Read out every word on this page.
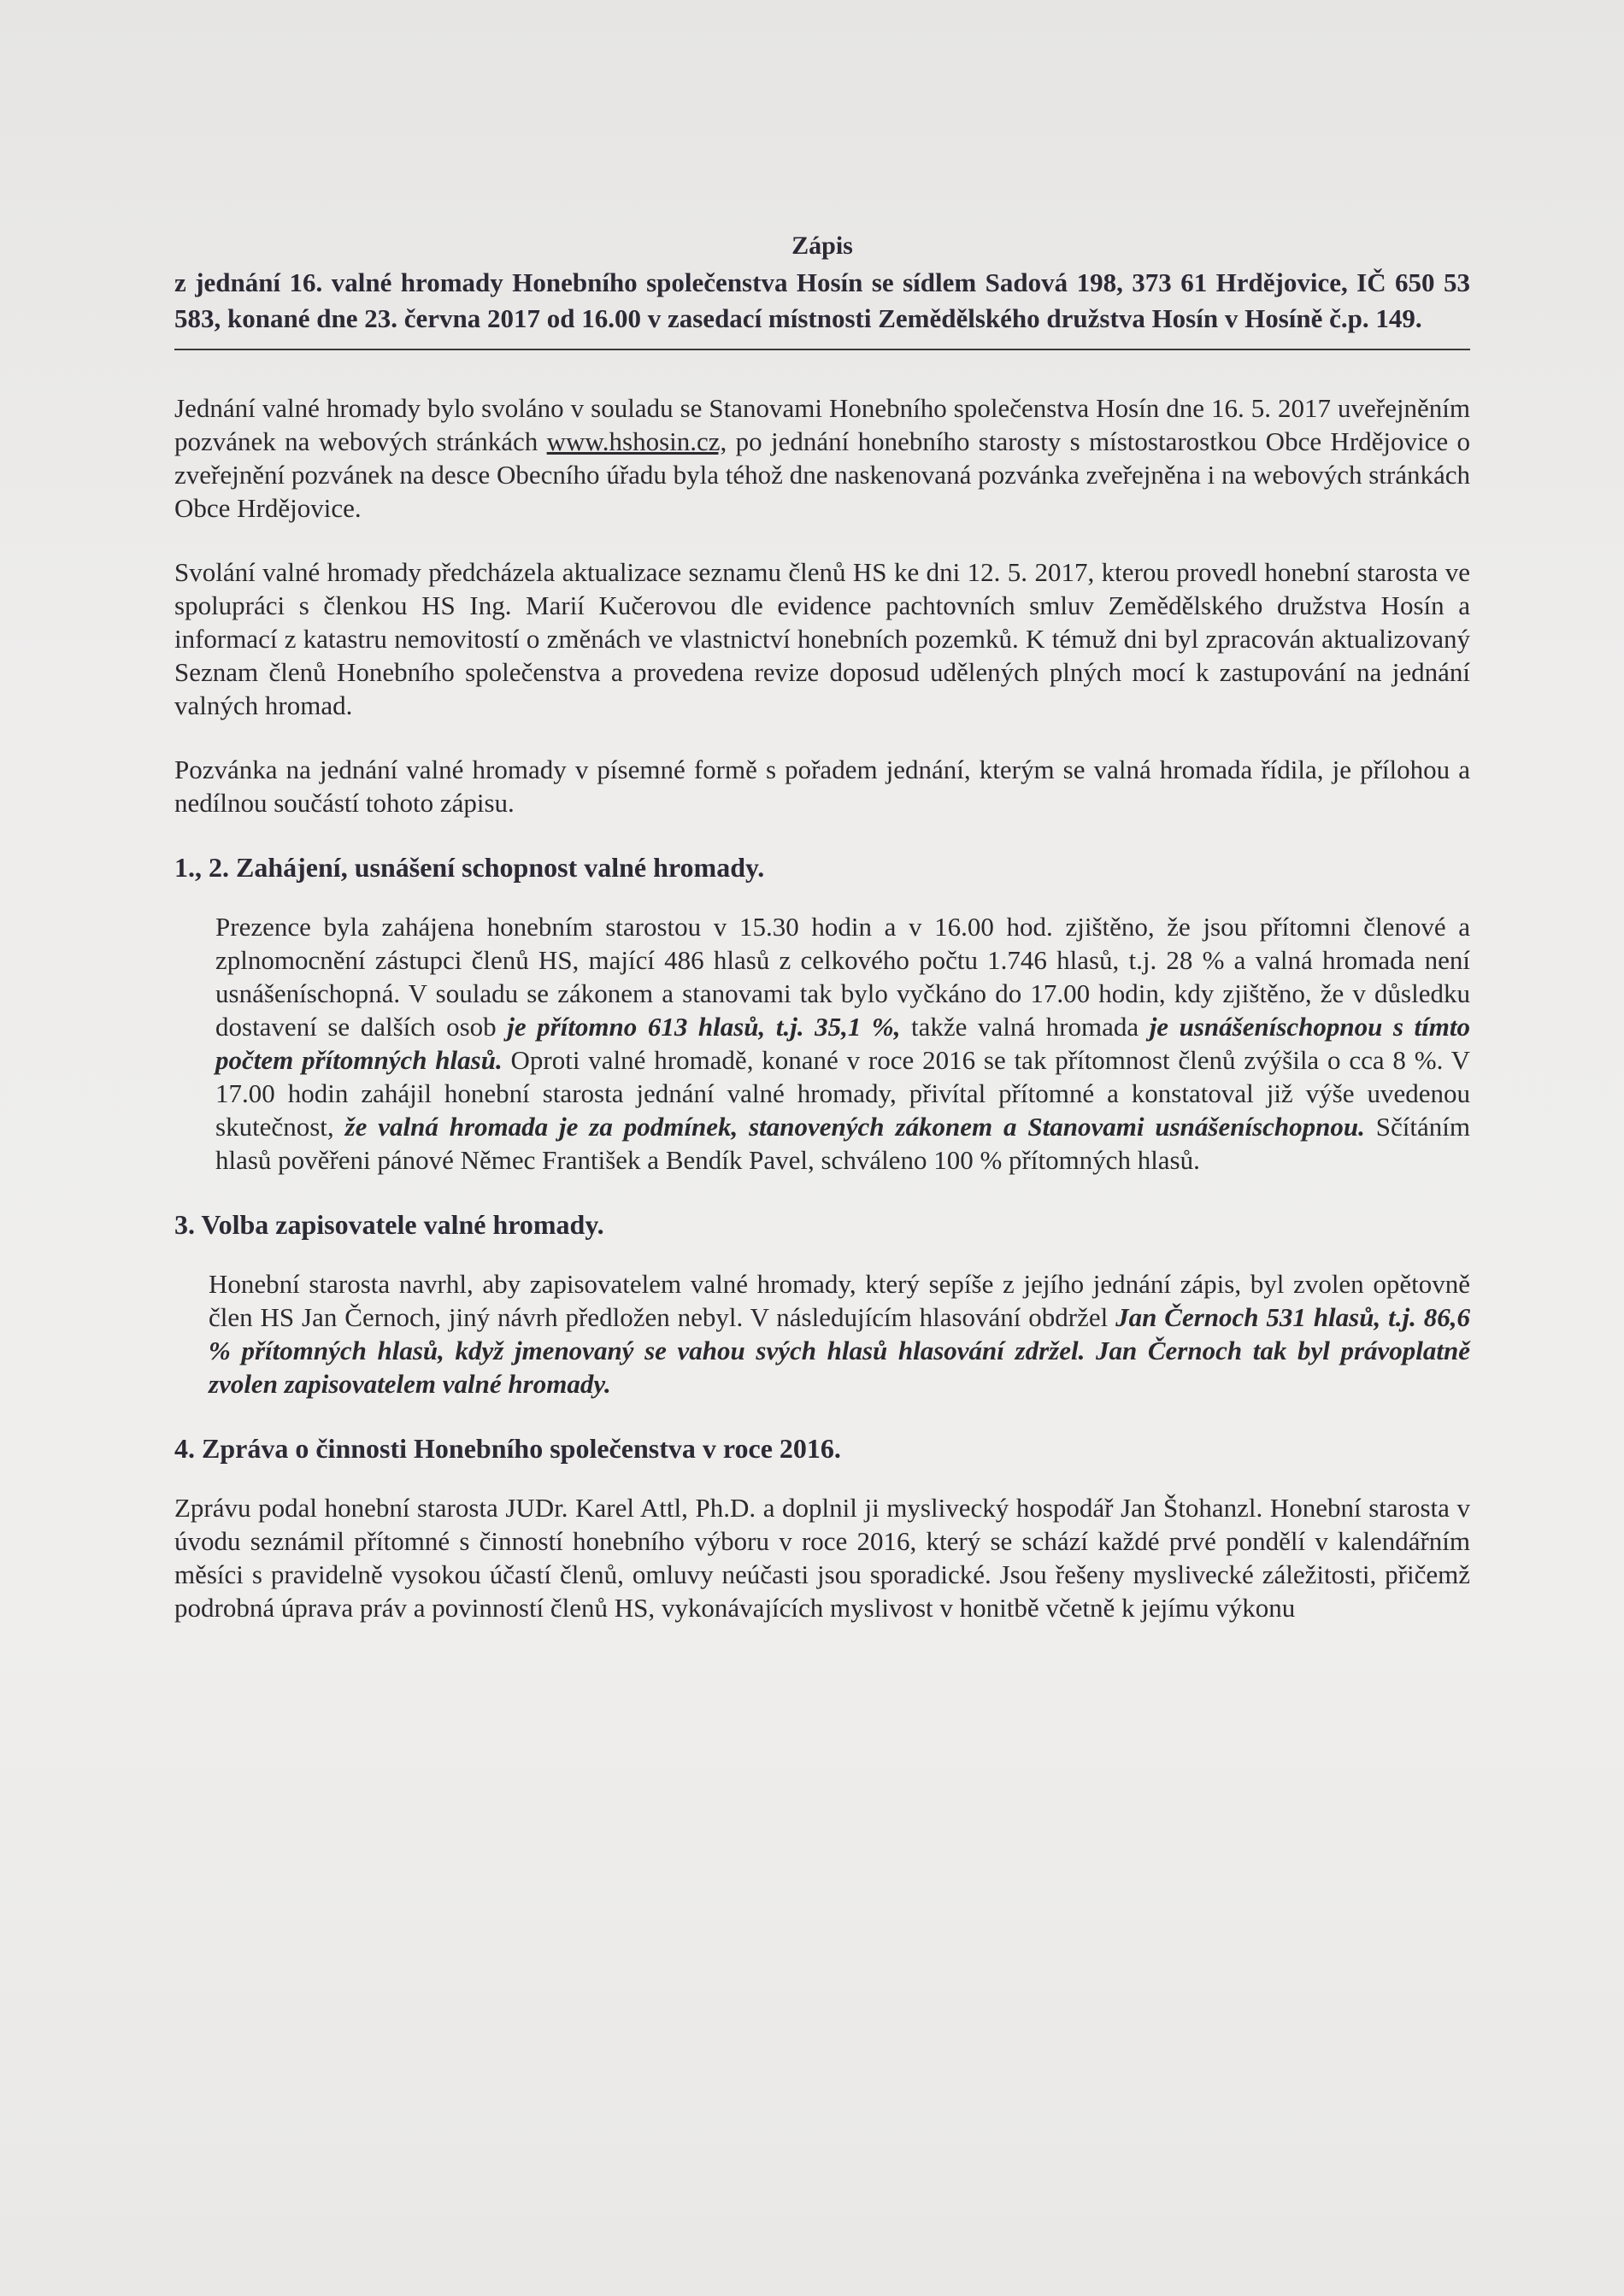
Zápis
z jednání 16. valné hromady Honebního společenstva Hosín se sídlem Sadová 198, 373 61 Hrdějovice, IČ 650 53 583, konané dne 23. června 2017 od 16.00 v zasedací místnosti Zemědělského družstva Hosín v Hosíně č.p. 149.

Jednání valné hromady bylo svoláno v souladu se Stanovami Honebního společenstva Hosín dne 16. 5. 2017 uveřejněním pozvánek na webových stránkách www.hshosin.cz, po jednání honebního starosty s místostarostkou Obce Hrdějovice o zveřejnění pozvánek na desce Obecního úřadu byla téhož dne naskenovaná pozvánka zveřejněna i na webových stránkách Obce Hrdějovice.

Svolání valné hromady předcházela aktualizace seznamu členů HS ke dni 12. 5. 2017, kterou provedl honební starosta ve spolupráci s členkou HS Ing. Marií Kučerovou dle evidence pachtovních smluv Zemědělského družstva Hosín a informací z katastru nemovitostí o změnách ve vlastnictví honebních pozemků. K témuž dni byl zpracován aktualizovaný Seznam členů Honebního společenstva a provedena revize doposud udělených plných mocí k zastupování na jednání valných hromad.

Pozvánka na jednání valné hromady v písemné formě s pořadem jednání, kterým se valná hromada řídila, je přílohou a nedílnou součástí tohoto zápisu.

1., 2. Zahájení, usnášení schopnost valné hromady.

Prezence byla zahájena honebním starostou v 15.30 hodin a v 16.00 hod. zjištěno, že jsou přítomni členové a zplnomocnění zástupci členů HS, mající 486 hlasů z celkového počtu 1.746 hlasů, t.j. 28 % a valná hromada není usnášeníschopná. V souladu se zákonem a stanovami tak bylo vyčkáno do 17.00 hodin, kdy zjištěno, že v důsledku dostavení se dalších osob je přítomno 613 hlasů, t.j. 35,1 %, takže valná hromada je usnášeníschopnou s tímto počtem přítomných hlasů. Oproti valné hromadě, konané v roce 2016 se tak přítomnost členů zvýšila o cca 8 %. V 17.00 hodin zahájil honební starosta jednání valné hromady, přivítal přítomné a konstatoval již výše uvedenou skutečnost, že valná hromada je za podmínek, stanovených zákonem a Stanovami usnášeníschopnou. Sčítáním hlasů pověřeni pánové Němec František a Bendík Pavel, schváleno 100 % přítomných hlasů.

3. Volba zapisovatele valné hromady.

Honební starosta navrhl, aby zapisovatelem valné hromady, který sepíše z jejího jednání zápis, byl zvolen opětovně člen HS Jan Černoch, jiný návrh předložen nebyl. V následujícím hlasování obdržel Jan Černoch 531 hlasů, t.j. 86,6 % přítomných hlasů, když jmenovaný se vahou svých hlasů hlasování zdržel. Jan Černoch tak byl právoplatně zvolen zapisovatelem valné hromady.

4. Zpráva o činnosti Honebního společenstva v roce 2016.

Zprávu podal honební starosta JUDr. Karel Attl, Ph.D. a doplnil ji myslivecký hospodář Jan Štohanzl. Honební starosta v úvodu seznámil přítomné s činností honebního výboru v roce 2016, který se schází každé prvé pondělí v kalendářním měsíci s pravidelně vysokou účastí členů, omluvy neúčasti jsou sporadické. Jsou řešeny myslivecké záležitosti, přičemž podrobná úprava práv a povinností členů HS, vykonávajících myslivost v honitbě včetně k jejímu výkonu
